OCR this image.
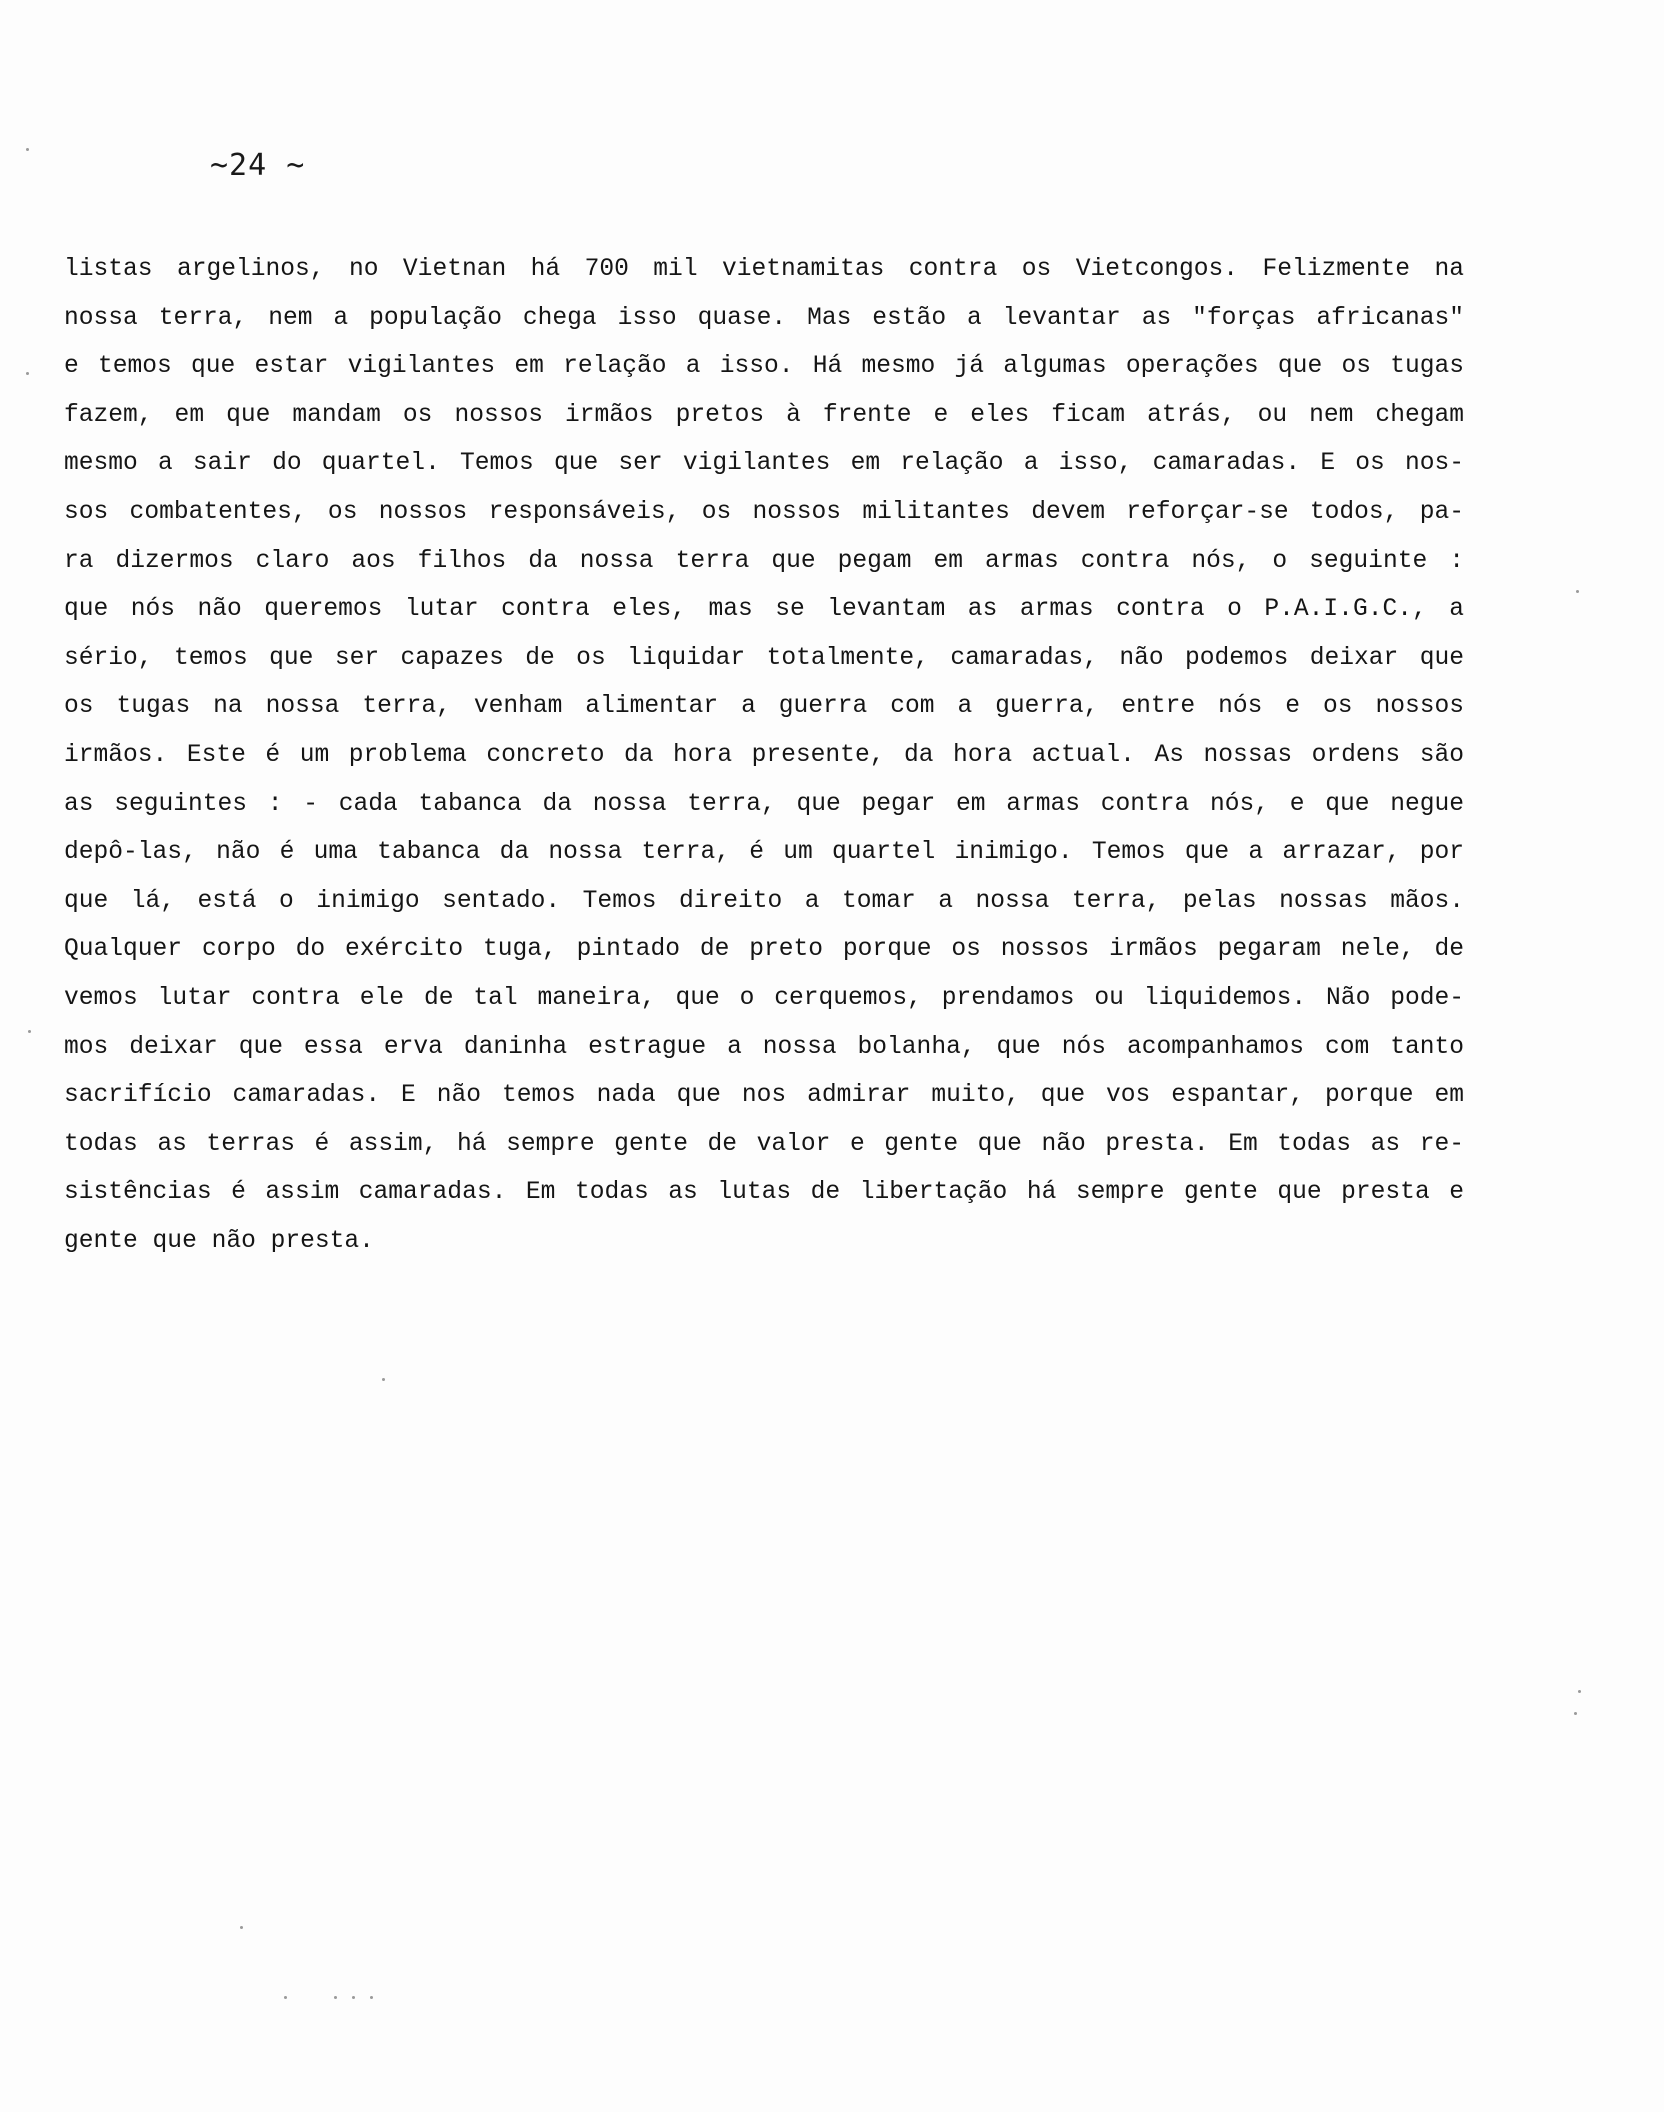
~24 ~
listas argelinos, no Vietnan há 700 mil vietnamitas contra os Vietcongos. Felizmente na
nossa terra, nem a população chega isso quase. Mas estão a levantar as "forças africanas"
e temos que estar vigilantes em relação a isso. Há mesmo já algumas operações que os tugas
fazem, em que mandam os nossos irmãos pretos à frente e eles ficam atrás, ou nem chegam
mesmo a sair do quartel. Temos que ser vigilantes em relação a isso, camaradas. E os nos-
sos combatentes, os nossos responsáveis, os nossos militantes devem reforçar-se todos, pa-
ra dizermos claro aos filhos da nossa terra que pegam em armas contra nós, o seguinte :
que nós não queremos lutar contra eles, mas se levantam as armas contra o P.A.I.G.C., a
sério, temos que ser capazes de os liquidar totalmente, camaradas, não podemos deixar que
os tugas na nossa terra, venham alimentar a guerra com a guerra, entre nós e os nossos
irmãos. Este é um problema concreto da hora presente, da hora actual. As nossas ordens são
as seguintes : - cada tabanca da nossa terra, que pegar em armas contra nós, e que negue
depô-las, não é uma tabanca da nossa terra, é um quartel inimigo. Temos que a arrazar, por
que lá, está o inimigo sentado. Temos direito a tomar a nossa terra, pelas nossas mãos.
Qualquer corpo do exército tuga, pintado de preto porque os nossos irmãos pegaram nele, de
vemos lutar contra ele de tal maneira, que o cerquemos, prendamos ou liquidemos. Não pode-
mos deixar que essa erva daninha estrague a nossa bolanha, que nós acompanhamos com tanto
sacrifício camaradas. E não temos nada que nos admirar muito, que vos espantar, porque em
todas as terras é assim, há sempre gente de valor e gente que não presta. Em todas as re-
sistências é assim camaradas. Em todas as lutas de libertação há sempre gente que presta e
gente que não presta.
